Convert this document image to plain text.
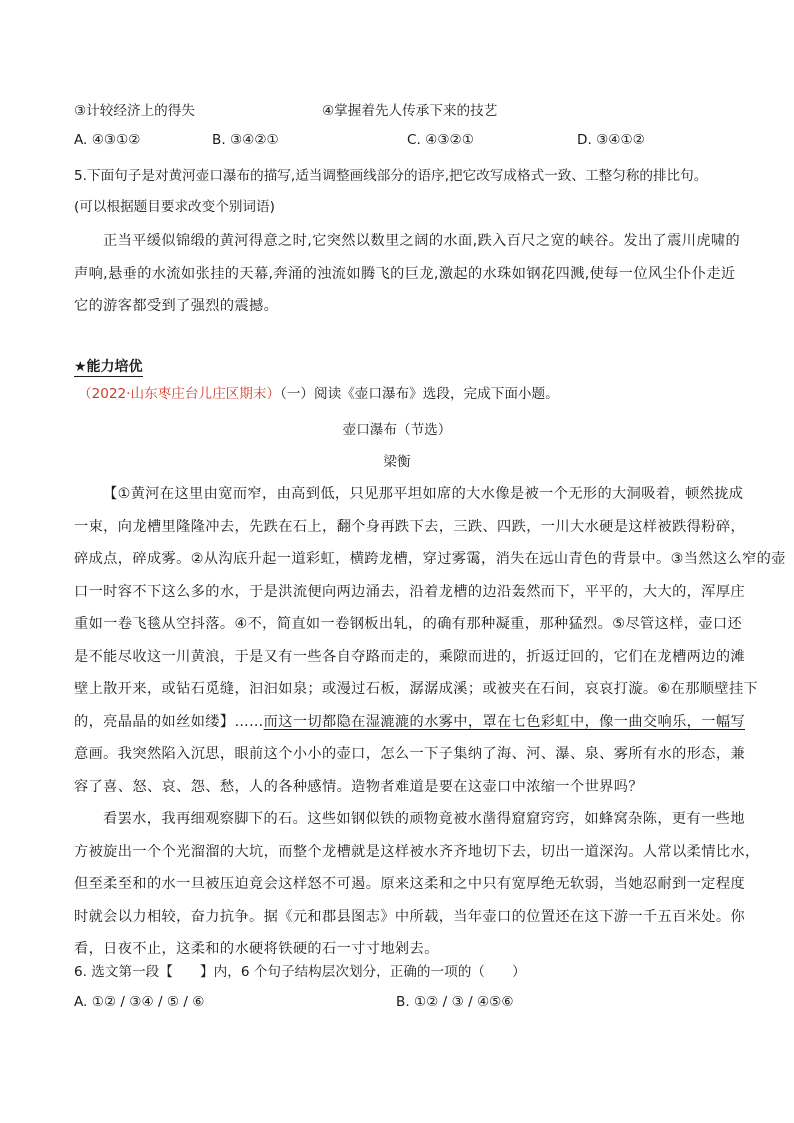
③计较经济上的得失	④掌握着先人传承下来的技艺
A. ④③①②	B. ③④②①	C. ④③②①	D. ③④①②
5.下面句子是对黄河壶口瀑布的描写,适当调整画线部分的语序,把它改写成格式一致、工整匀称的排比句。
(可以根据题目要求改变个别词语)
正当平缓似锦缎的黄河得意之时,它突然以数里之阔的水面,跌入百尺之宽的峡谷。发出了震川虎啸的
声响,悬垂的水流如张挂的天幕,奔涌的浊流如腾飞的巨龙,激起的水珠如钢花四溅,使每一位风尘仆仆走近
它的游客都受到了强烈的震撼。
★能力培优
（2022·山东枣庄台儿庄区期末）（一）阅读《壶口瀑布》选段，完成下面小题。
壶口瀑布（节选）
梁衡
【①黄河在这里由宽而窄，由高到低，只见那平坦如席的大水像是被一个无形的大洞吸着，顿然拢成
一束，向龙槽里隆隆冲去，先跌在石上，翻个身再跌下去，三跌、四跌，一川大水硬是这样被跌得粉碎，
碎成点，碎成雾。②从沟底升起一道彩虹，横跨龙槽，穿过雾霭，消失在远山青色的背景中。③当然这么窄的壶
口一时容不下这么多的水，于是洪流便向两边涌去，沿着龙槽的边沿轰然而下，平平的，大大的，浑厚庄
重如一卷飞毯从空抖落。④不，简直如一卷钢板出轧，的确有那种凝重，那种猛烈。⑤尽管这样，壶口还
是不能尽收这一川黄浪，于是又有一些各自夺路而走的，乘隙而进的，折返迂回的，它们在龙槽两边的滩
壁上散开来，或钻石觅缝，汩汩如泉；或漫过石板，潺潺成溪；或被夹在石间，哀哀打漩。⑥在那顺壁挂下
的，亮晶晶的如丝如缕】……而这一切都隐在湿漉漉的水雾中，罩在七色彩虹中，像一曲交响乐，一幅写
意画。我突然陷入沉思，眼前这个小小的壶口，怎么一下子集纳了海、河、瀑、泉、雾所有水的形态，兼
容了喜、怒、哀、怨、愁，人的各种感情。造物者难道是要在这壶口中浓缩一个世界吗？
看罢水，我再细观察脚下的石。这些如钢似铁的顽物竟被水凿得窟窟窍窍，如蜂窝杂陈，更有一些地
方被旋出一个个光溜溜的大坑，而整个龙槽就是这样被水齐齐地切下去，切出一道深沟。人常以柔情比水，
但至柔至和的水一旦被压迫竟会这样怒不可遏。原来这柔和之中只有宽厚绝无软弱，当她忍耐到一定程度
时就会以力相较，奋力抗争。据《元和郡县图志》中所载，当年壶口的位置还在这下游一千五百米处。你
看，日夜不止，这柔和的水硬将铁硬的石一寸寸地剁去。
6. 选文第一段【　　】内，6 个句子结构层次划分，正确的一项的（　　）
A. ①② / ③④ / ⑤ / ⑥	B. ①② / ③ / ④⑤⑥
